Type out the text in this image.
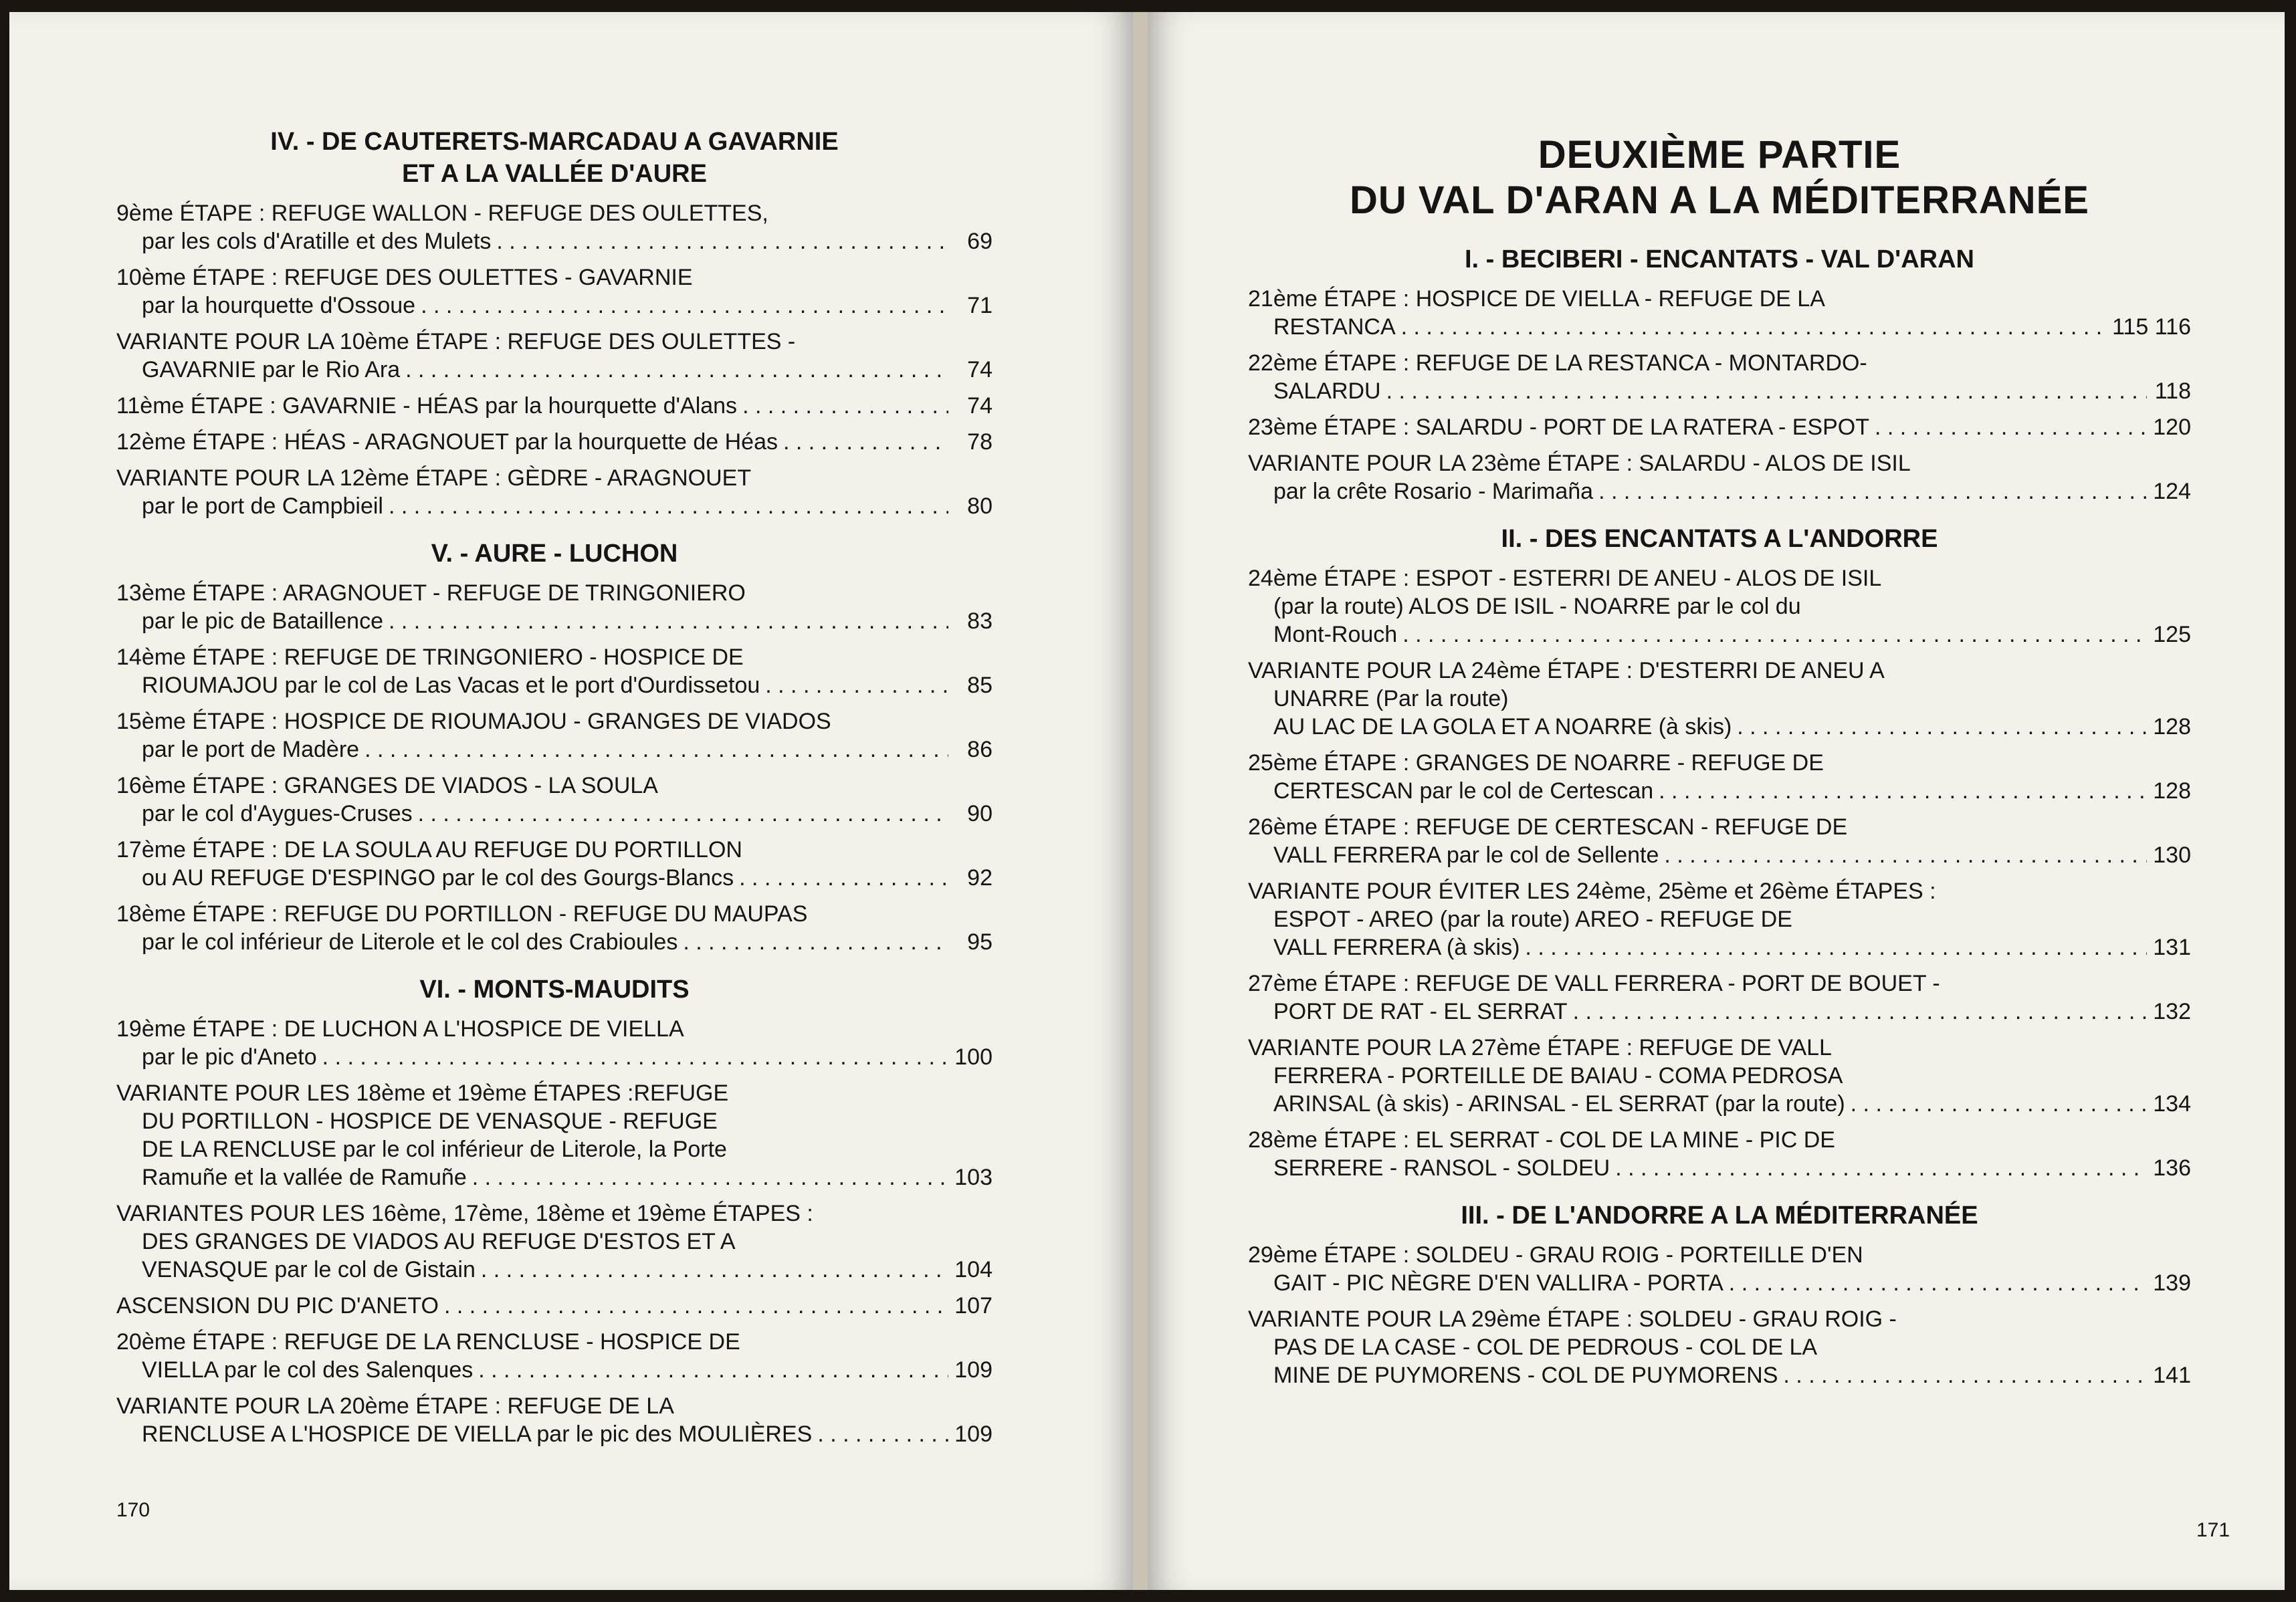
IV. - DE CAUTERETS-MARCADAU A GAVARNIE
ET A LA VALLÉE D'AURE
9ème ÉTAPE : REFUGE WALLON - REFUGE DES OULETTES,
par les cols d'Aratille et des Mulets . . .	69
10ème ÉTAPE : REFUGE DES OULETTES - GAVARNIE
par la hourquette d'Ossoue . . .	71
VARIANTE POUR LA 10ème ÉTAPE : REFUGE DES OULETTES -
GAVARNIE par le Rio Ara . . .	74
11ème ÉTAPE : GAVARNIE - HÉAS par la hourquette d'Alans . . .	74
12ème ÉTAPE : HÉAS - ARAGNOUET par la hourquette de Héas . . .	78
VARIANTE POUR LA 12ème ÉTAPE : GÈDRE - ARAGNOUET
par le port de Campbieil . . .	80
V. - AURE - LUCHON
13ème ÉTAPE : ARAGNOUET - REFUGE DE TRINGONIERO
par le pic de Bataillence . . .	83
14ème ÉTAPE : REFUGE DE TRINGONIERO - HOSPICE DE
RIOUMAJOU par le col de Las Vacas et le port d'Ourdissetou . . .	85
15ème ÉTAPE : HOSPICE DE RIOUMAJOU - GRANGES DE VIADOS
par le port de Madère . . .	86
16ème ÉTAPE : GRANGES DE VIADOS - LA SOULA
par le col d'Aygues-Cruses . . .	90
17ème ÉTAPE : DE LA SOULA AU REFUGE DU PORTILLON
ou AU REFUGE D'ESPINGO par le col des Gourgs-Blancs . . .	92
18ème ÉTAPE : REFUGE DU PORTILLON - REFUGE DU MAUPAS
par le col inférieur de Literole et le col des Crabioules . . .	95
VI. - MONTS-MAUDITS
19ème ÉTAPE : DE LUCHON A L'HOSPICE DE VIELLA
par le pic d'Aneto . . .	100
VARIANTE POUR LES 18ème et 19ème ÉTAPES :REFUGE
DU PORTILLON - HOSPICE DE VENASQUE - REFUGE
DE LA RENCLUSE par le col inférieur de Literole, la Porte
Ramuñe et la vallée de Ramuñe . . .	103
VARIANTES POUR LES 16ème, 17ème, 18ème et 19ème ÉTAPES :
DES GRANGES DE VIADOS AU REFUGE D'ESTOS ET A
VENASQUE par le col de Gistain . . .	104
ASCENSION DU PIC D'ANETO . . .	107
20ème ÉTAPE : REFUGE DE LA RENCLUSE - HOSPICE DE
VIELLA par le col des Salenques . . .	109
VARIANTE POUR LA 20ème ÉTAPE : REFUGE DE LA
RENCLUSE A L'HOSPICE DE VIELLA par le pic des MOULIÈRES . . .	109
170
DEUXIÈME PARTIE
DU VAL D'ARAN A LA MÉDITERRANÉE
I. - BECIBERI - ENCANTATS - VAL D'ARAN
21ème ÉTAPE : HOSPICE DE VIELLA - REFUGE DE LA
RESTANCA . . .	115 116
22ème ÉTAPE : REFUGE DE LA RESTANCA - MONTARDO-
SALARDU . . .	118
23ème ÉTAPE : SALARDU - PORT DE LA RATERA - ESPOT . . .	120
VARIANTE POUR LA 23ème ÉTAPE : SALARDU - ALOS DE ISIL
par la crête Rosario - Marimaña . . .	124
II. - DES ENCANTATS A L'ANDORRE
24ème ÉTAPE : ESPOT - ESTERRI DE ANEU - ALOS DE ISIL
(par la route) ALOS DE ISIL - NOARRE par le col du
Mont-Rouch . . .	125
VARIANTE POUR LA 24ème ÉTAPE : D'ESTERRI DE ANEU A
UNARRE (Par la route)
AU LAC DE LA GOLA ET A NOARRE (à skis) . . .	128
25ème ÉTAPE : GRANGES DE NOARRE - REFUGE DE
CERTESCAN par le col de Certescan . . .	128
26ème ÉTAPE : REFUGE DE CERTESCAN - REFUGE DE
VALL FERRERA par le col de Sellente . . .	130
VARIANTE POUR ÉVITER LES 24ème, 25ème et 26ème ÉTAPES :
ESPOT - AREO (par la route) AREO - REFUGE DE
VALL FERRERA (à skis) . . .	131
27ème ÉTAPE : REFUGE DE VALL FERRERA - PORT DE BOUET -
PORT DE RAT - EL SERRAT . . .	132
VARIANTE POUR LA 27ème ÉTAPE : REFUGE DE VALL
FERRERA - PORTEILLE DE BAIAU - COMA PEDROSA
ARINSAL (à skis) - ARINSAL - EL SERRAT (par la route) . . .	134
28ème ÉTAPE : EL SERRAT - COL DE LA MINE - PIC DE
SERRERE - RANSOL - SOLDEU . . .	136
III. - DE L'ANDORRE A LA MÉDITERRANÉE
29ème ÉTAPE : SOLDEU - GRAU ROIG - PORTEILLE D'EN
GAIT - PIC NÈGRE D'EN VALLIRA - PORTA . . .	139
VARIANTE POUR LA 29ème ÉTAPE : SOLDEU - GRAU ROIG -
PAS DE LA CASE - COL DE PEDROUS - COL DE LA
MINE DE PUYMORENS - COL DE PUYMORENS . . .	141
171
